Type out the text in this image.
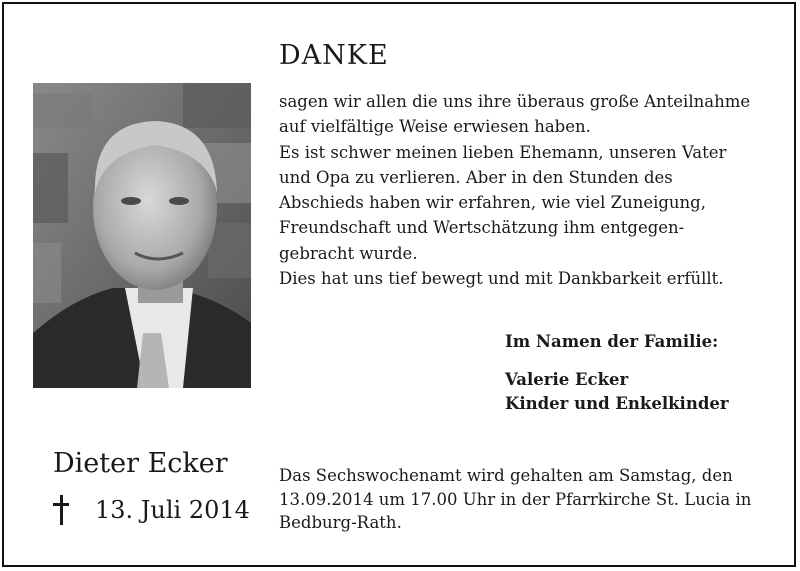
DANKE
sagen wir allen die uns ihre überaus große Anteilnahme
auf vielfältige Weise erwiesen haben.
Es ist schwer meinen lieben Ehemann, unseren Vater
und Opa zu verlieren. Aber in den Stunden des
Abschieds haben wir erfahren, wie viel Zuneigung,
Freundschaft und Wertschätzung ihm entgegen-
gebracht wurde.
Dies hat uns tief bewegt und mit Dankbarkeit erfüllt.
Im Namen der Familie:
Valerie Ecker
Kinder und Enkelkinder
Dieter Ecker
13. Juli 2014
Das Sechswochenamt wird gehalten am Samstag, den
13.09.2014 um 17.00 Uhr in der Pfarrkirche St. Lucia in
Bedburg-Rath.
